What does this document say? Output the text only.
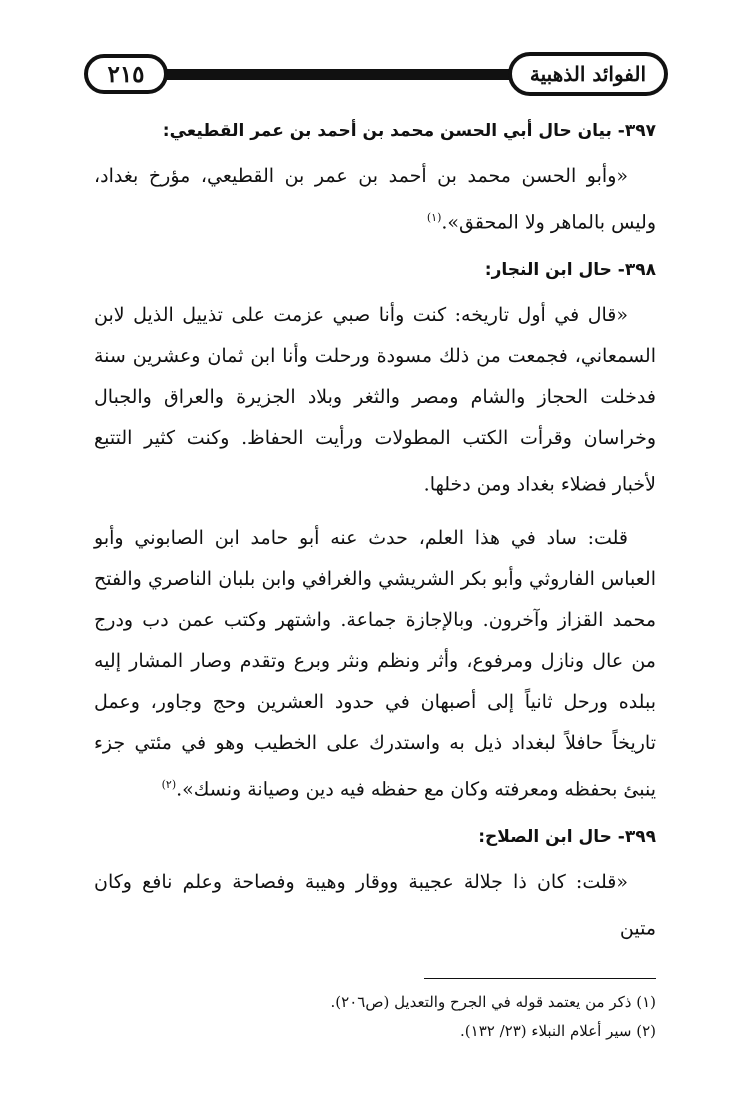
٢١٥	الفوائد الذهبية
٣٩٧- بيان حال أبي الحسن محمد بن أحمد بن عمر القطيعي:

«وأبو الحسن محمد بن أحمد بن عمر بن القطيعي، مؤرخ بغداد، وليس بالماهر ولا المحقق».$^{(١)}$

٣٩٨- حال ابن النجار:

«قال في أول تاريخه: كنت وأنا صبي عزمت على تذييل الذيل لابن السمعاني، فجمعت من ذلك مسودة ورحلت وأنا ابن ثمان وعشرين سنة فدخلت الحجاز والشام ومصر والثغر وبلاد الجزيرة والعراق والجبال وخراسان وقرأت الكتب المطولات ورأيت الحفاظ. وكنت كثير التتبع لأخبار فضلاء بغداد ومن دخلها.

قلت: ساد في هذا العلم، حدث عنه أبو حامد ابن الصابوني وأبو العباس الفاروثي وأبو بكر الشريشي والغرافي وابن بلبان الناصري والفتح محمد القزاز وآخرون. وبالإجازة جماعة. واشتهر وكتب عمن دب ودرج من عال ونازل ومرفوع، وأثر ونظم ونثر وبرع وتقدم وصار المشار إليه ببلده ورحل ثانياً إلى أصبهان في حدود العشرين وحج وجاور، وعمل تاريخاً حافلاً لبغداد ذيل به واستدرك على الخطيب وهو في مئتي جزء ينبئ بحفظه ومعرفته وكان مع حفظه فيه دين وصيانة ونسك».$^{(٢)}$

٣٩٩- حال ابن الصلاح:

«قلت: كان ذا جلالة عجيبة ووقار وهيبة وفصاحة وعلم نافع وكان متين

(١) ذكر من يعتمد قوله في الجرح والتعديل (ص٢٠٦).
(٢) سير أعلام النبلاء (٢٣/ ١٣٢).
